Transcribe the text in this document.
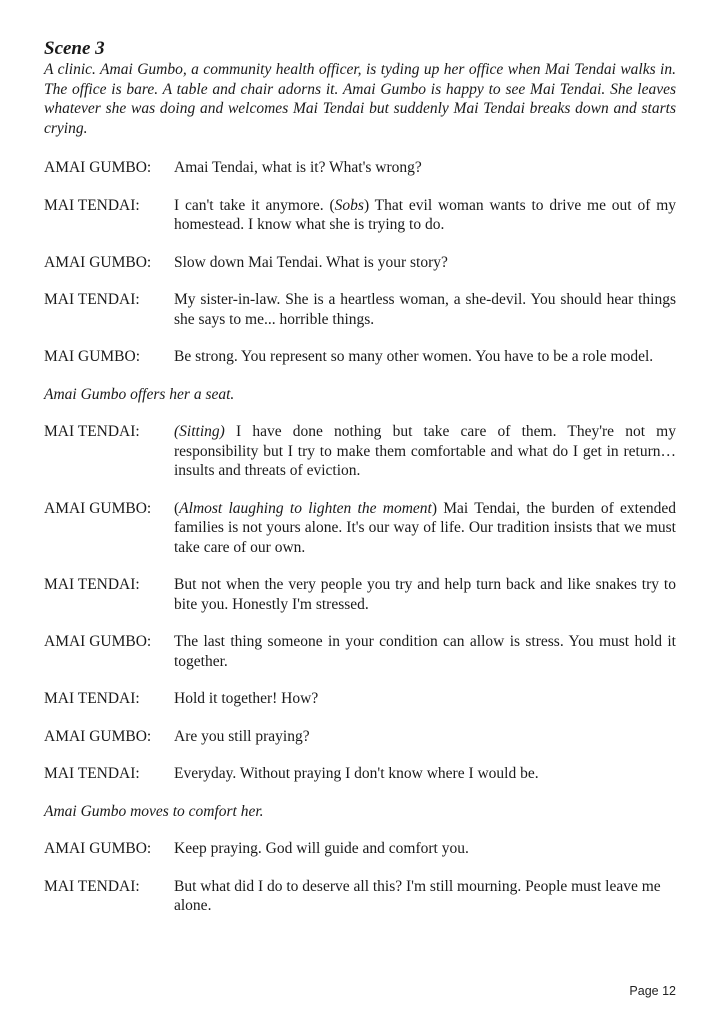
Scene 3

A clinic. Amai Gumbo, a community health officer, is tyding up her office when Mai Tendai walks in. The office is bare. A table and chair adorns it. Amai Gumbo is happy to see Mai Tendai. She leaves whatever she was doing and welcomes Mai Tendai but suddenly Mai Tendai breaks down and starts crying.

AMAI GUMBO:	Amai Tendai, what is it? What's wrong?
MAI TENDAI:	I can't take it anymore. (Sobs) That evil woman wants to drive me out of my homestead. I know what she is trying to do.
AMAI GUMBO:	Slow down Mai Tendai. What is your story?
MAI TENDAI:	My sister-in-law. She is a heartless woman, a she-devil. You should hear things she says to me... horrible things.
MAI GUMBO:	Be strong. You represent so many other women. You have to be a role model.

Amai Gumbo offers her a seat.

MAI TENDAI:	(Sitting) I have done nothing but take care of them. They're not my responsibility but I try to make them comfortable and what do I get in return… insults and threats of eviction.
AMAI GUMBO:	(Almost laughing to lighten the moment) Mai Tendai, the burden of extended families is not yours alone. It's our way of life. Our tradition insists that we must take care of our own.
MAI TENDAI:	But not when the very people you try and help turn back and like snakes try to bite you. Honestly I'm stressed.
AMAI GUMBO:	The last thing someone in your condition can allow is stress. You must hold it together.
MAI TENDAI:	Hold it together! How?
AMAI GUMBO:	Are you still praying?
MAI TENDAI:	Everyday. Without praying I don't know where I would be.

Amai Gumbo moves to comfort her.

AMAI GUMBO:	Keep praying. God will guide and comfort you.
MAI TENDAI:	But what did I do to deserve all this? I'm still mourning. People must leave me alone.
Page 12
